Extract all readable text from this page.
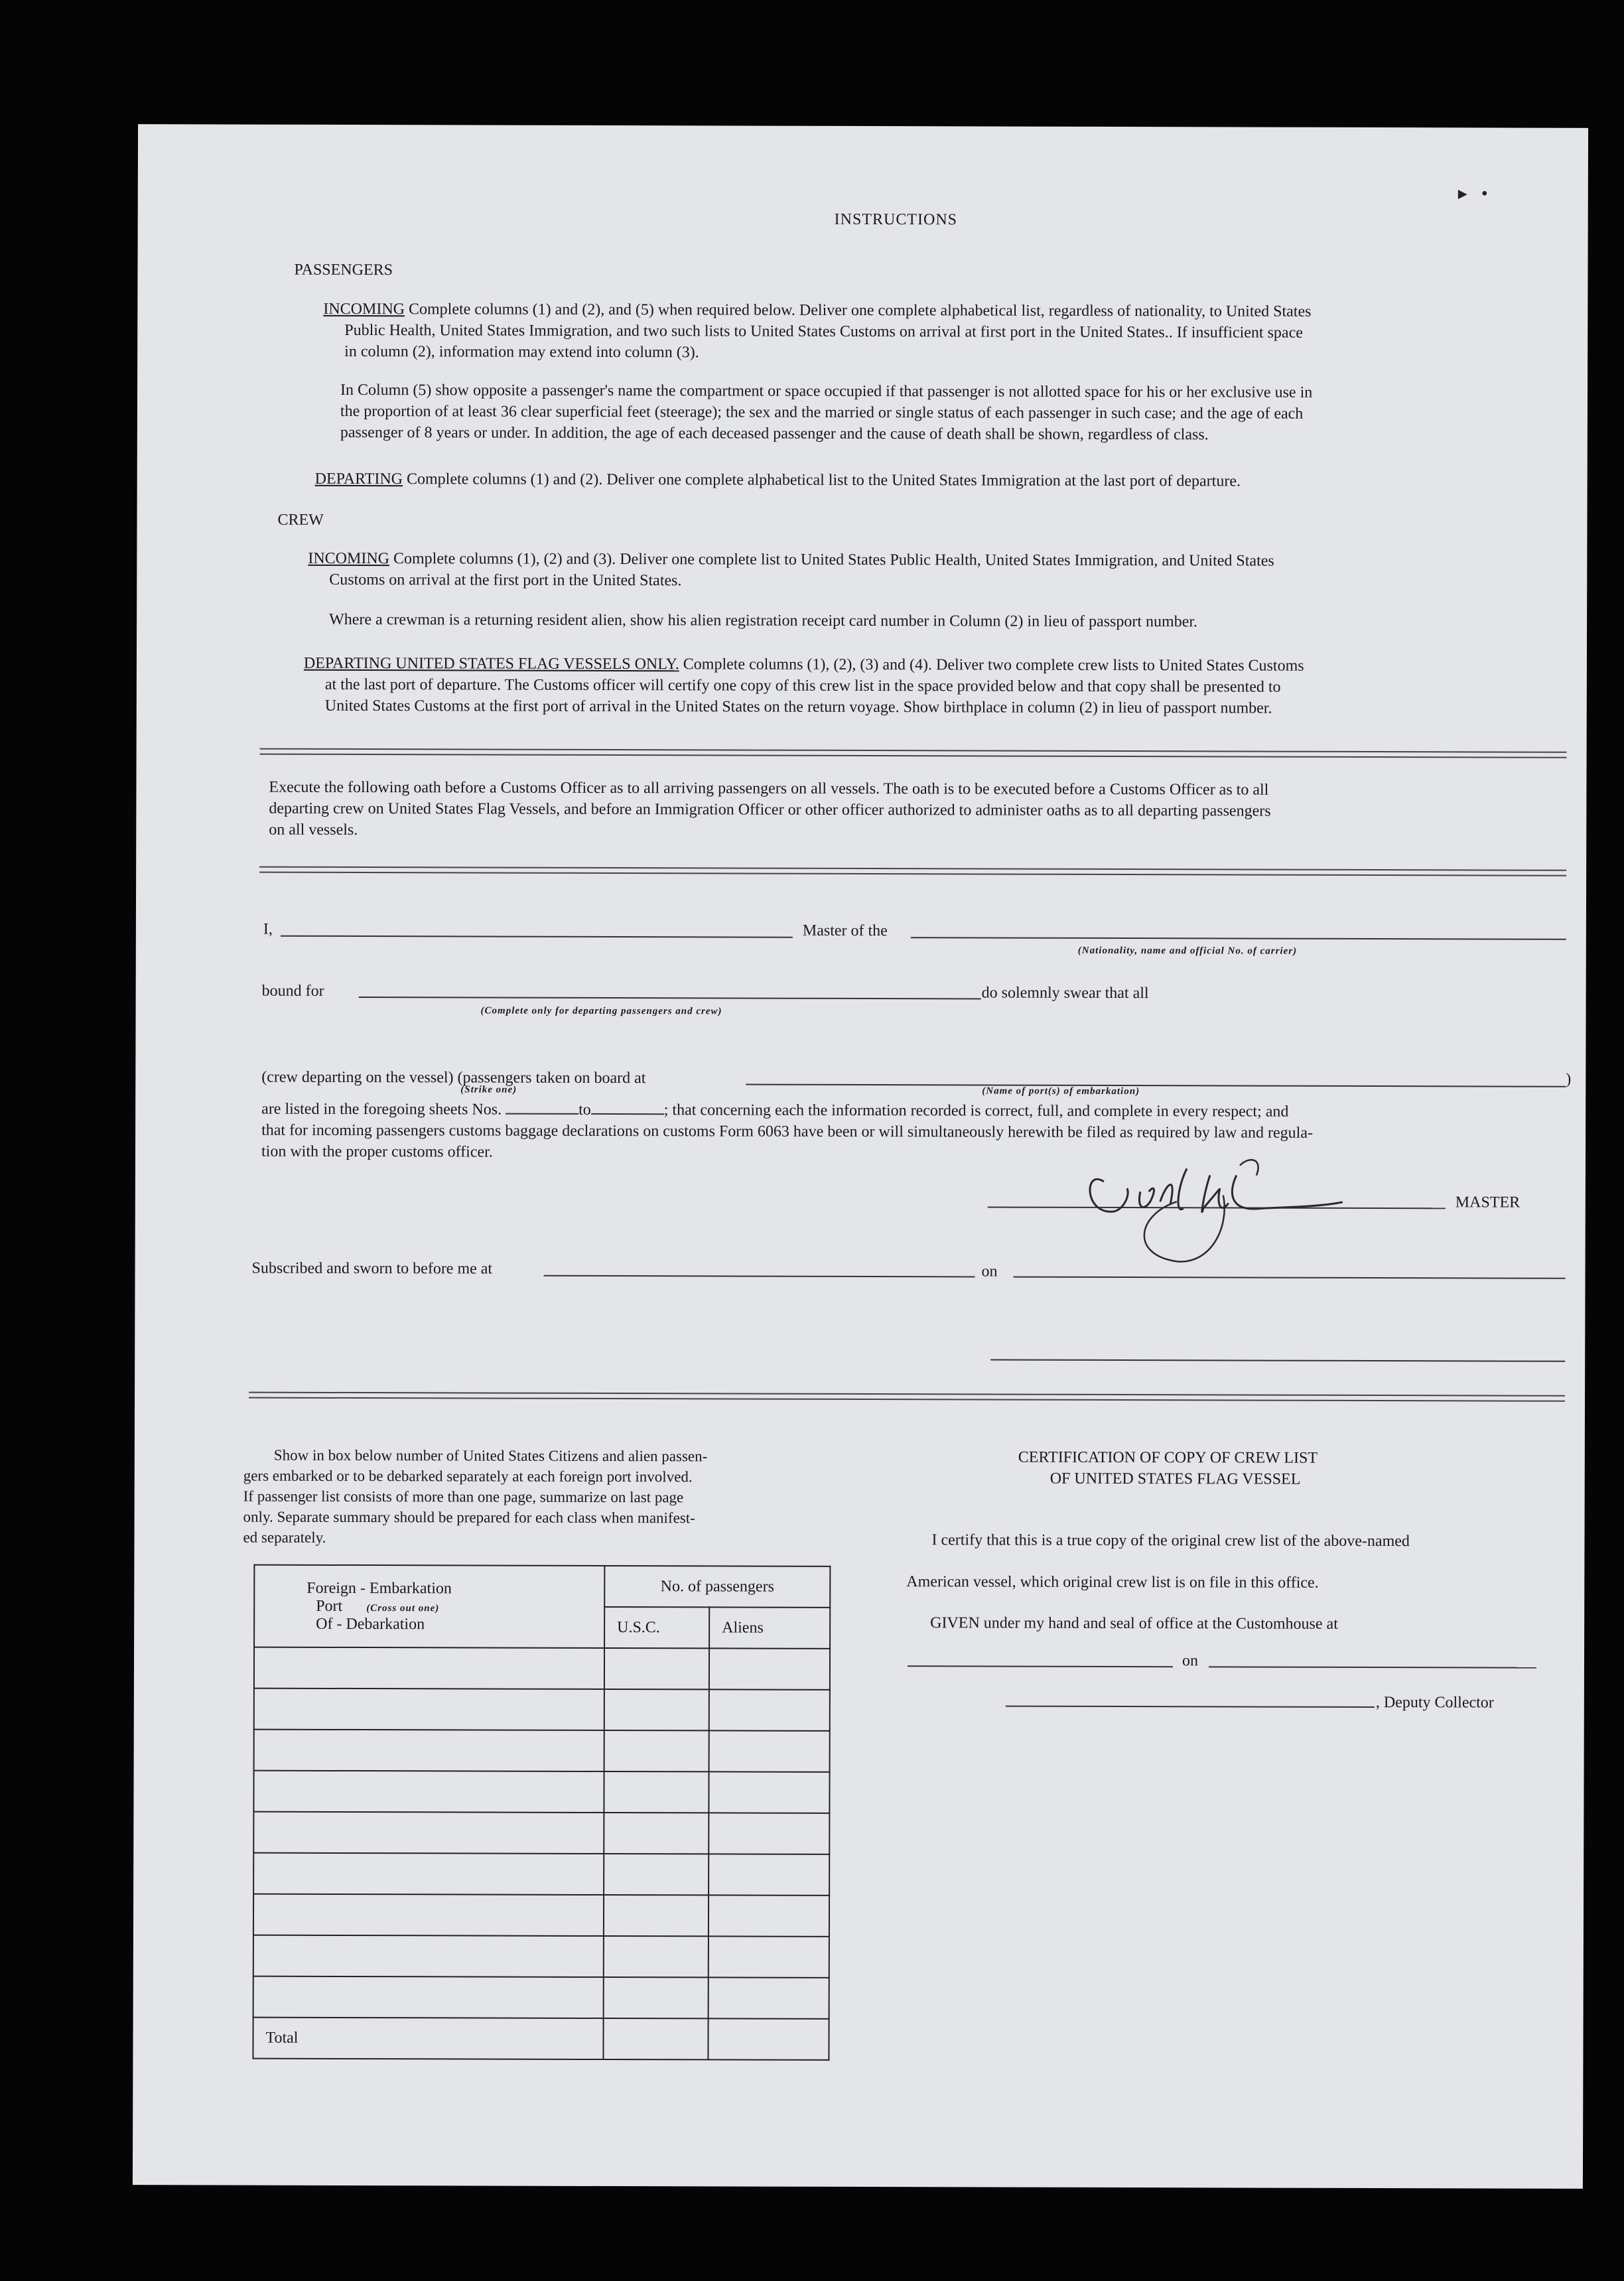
▸   •
INSTRUCTIONS
PASSENGERS
INCOMING Complete columns (1) and (2), and (5) when required below. Deliver one complete alphabetical list, regardless of nationality, to United States
Public Health, United States Immigration, and two such lists to United States Customs on arrival at first port in the United States.. If insufficient space
in column (2), information may extend into column (3).
In Column (5) show opposite a passenger's name the compartment or space occupied if that passenger is not allotted space for his or her exclusive use in
the proportion of at least 36 clear superficial feet (steerage); the sex and the married or single status of each passenger in such case; and the age of each
passenger of 8 years or under. In addition, the age of each deceased passenger and the cause of death shall be shown, regardless of class.
DEPARTING Complete columns (1) and (2). Deliver one complete alphabetical list to the United States Immigration at the last port of departure.
CREW
INCOMING Complete columns (1), (2) and (3). Deliver one complete list to United States Public Health, United States Immigration, and United States
Customs on arrival at the first port in the United States.
Where a crewman is a returning resident alien, show his alien registration receipt card number in Column (2) in lieu of passport number.
DEPARTING UNITED STATES FLAG VESSELS ONLY. Complete columns (1), (2), (3) and (4). Deliver two complete crew lists to United States Customs
at the last port of departure. The Customs officer will certify one copy of this crew list in the space provided below and that copy shall be presented to
United States Customs at the first port of arrival in the United States on the return voyage. Show birthplace in column (2) in lieu of passport number.
Execute the following oath before a Customs Officer as to all arriving passengers on all vessels. The oath is to be executed before a Customs Officer as to all
departing crew on United States Flag Vessels, and before an Immigration Officer or other officer authorized to administer oaths as to all departing passengers
on all vessels.
I,	Master of the
(Nationality, name and official No. of carrier)
bound for	do solemnly swear that all
(Complete only for departing passengers and crew)
(crew departing on the vessel) (passengers taken on board at
(Strike one)
)
(Name of port(s) of embarkation)
are listed in the foregoing sheets Nos.	to	; that concerning each the information recorded is correct, full, and complete in every respect; and
that for incoming passengers customs baggage declarations on customs Form 6063 have been or will simultaneously herewith be filed as required by law and regula-
tion with the proper customs officer.
MASTER
Subscribed and sworn to before me at	on
Show in box below number of United States Citizens and alien passen-
gers embarked or to be debarked separately at each foreign port involved.
If passenger list consists of more than one page, summarize on last page
only. Separate summary should be prepared for each class when manifest-
ed separately.
Foreign - Embarkation
Port (Cross out one)
Of - Debarkation	No. of passengers	
	U.S.C.	Aliens

Total		
CERTIFICATION OF COPY OF CREW LIST
OF UNITED STATES FLAG VESSEL
I certify that this is a true copy of the original crew list of the above-named
American vessel, which original crew list is on file in this office.
GIVEN under my hand and seal of office at the Customhouse at
on
, Deputy Collector
